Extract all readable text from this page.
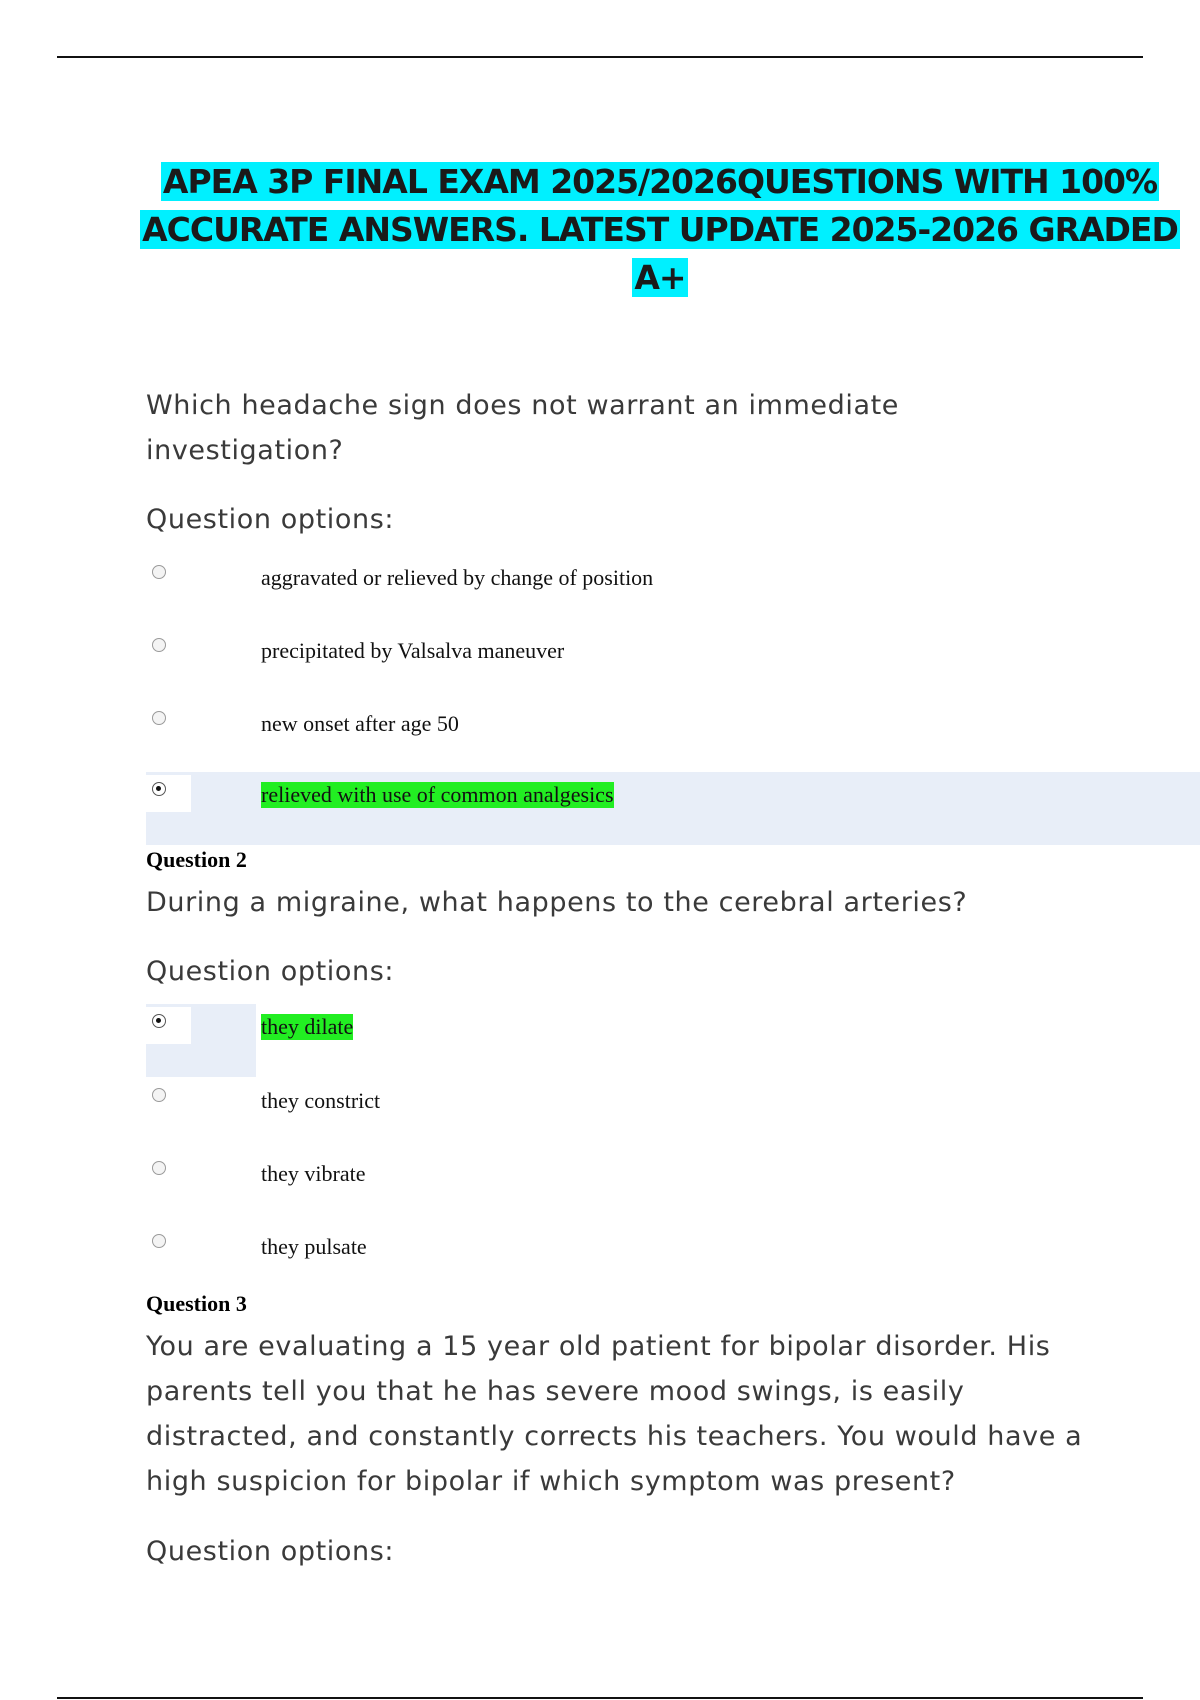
APEA 3P FINAL EXAM 2025/2026QUESTIONS WITH 100%
ACCURATE ANSWERS. LATEST UPDATE 2025-2026 GRADED
A+
Which headache sign does not warrant an immediate investigation?
Question options:
aggravated or relieved by change of position
precipitated by Valsalva maneuver
new onset after age 50
relieved with use of common analgesics
Question 2
During a migraine, what happens to the cerebral arteries?
Question options:
they dilate
they constrict
they vibrate
they pulsate
Question 3
You are evaluating a 15 year old patient for bipolar disorder. His parents tell you that he has severe mood swings, is easily distracted, and constantly corrects his teachers. You would have a high suspicion for bipolar if which symptom was present?
Question options:
